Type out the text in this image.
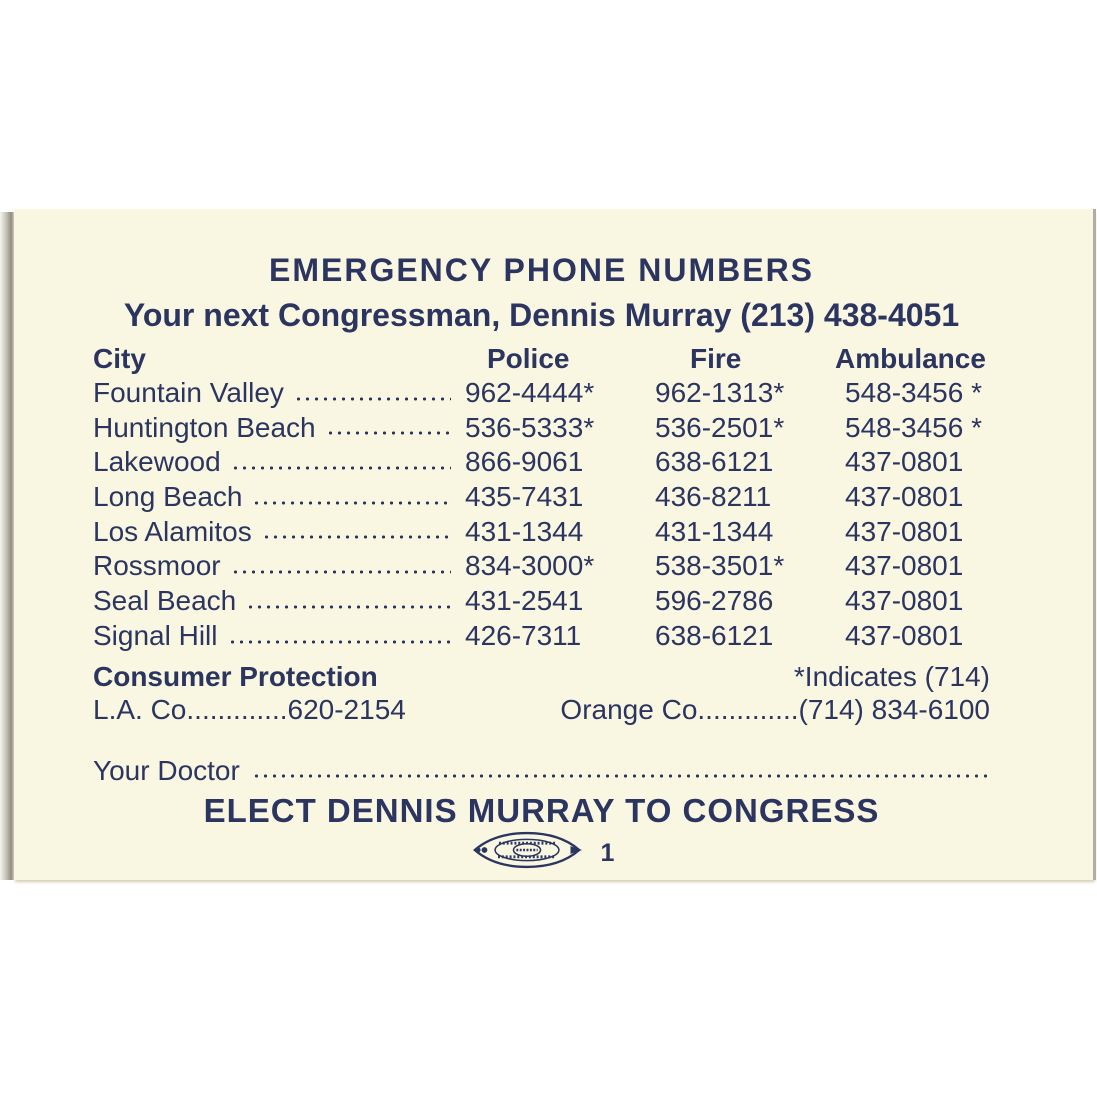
EMERGENCY PHONE NUMBERS
Your next Congressman, Dennis Murray (213) 438-4051
City	Police	Fire	Ambulance
Fountain Valley	962-4444*	962-1313*	548-3456 *
Huntington Beach	536-5333*	536-2501*	548-3456 *
Lakewood	866-9061	638-6121	437-0801
Long Beach	435-7431	436-8211	437-0801
Los Alamitos	431-1344	431-1344	437-0801
Rossmoor	834-3000*	538-3501*	437-0801
Seal Beach	431-2541	596-2786	437-0801
Signal Hill	426-7311	638-6121	437-0801
Consumer Protection	*Indicates (714)
L.A. Co.............620-2154	Orange Co.............(714) 834-6100
Your Doctor
ELECT DENNIS MURRAY TO CONGRESS
1
